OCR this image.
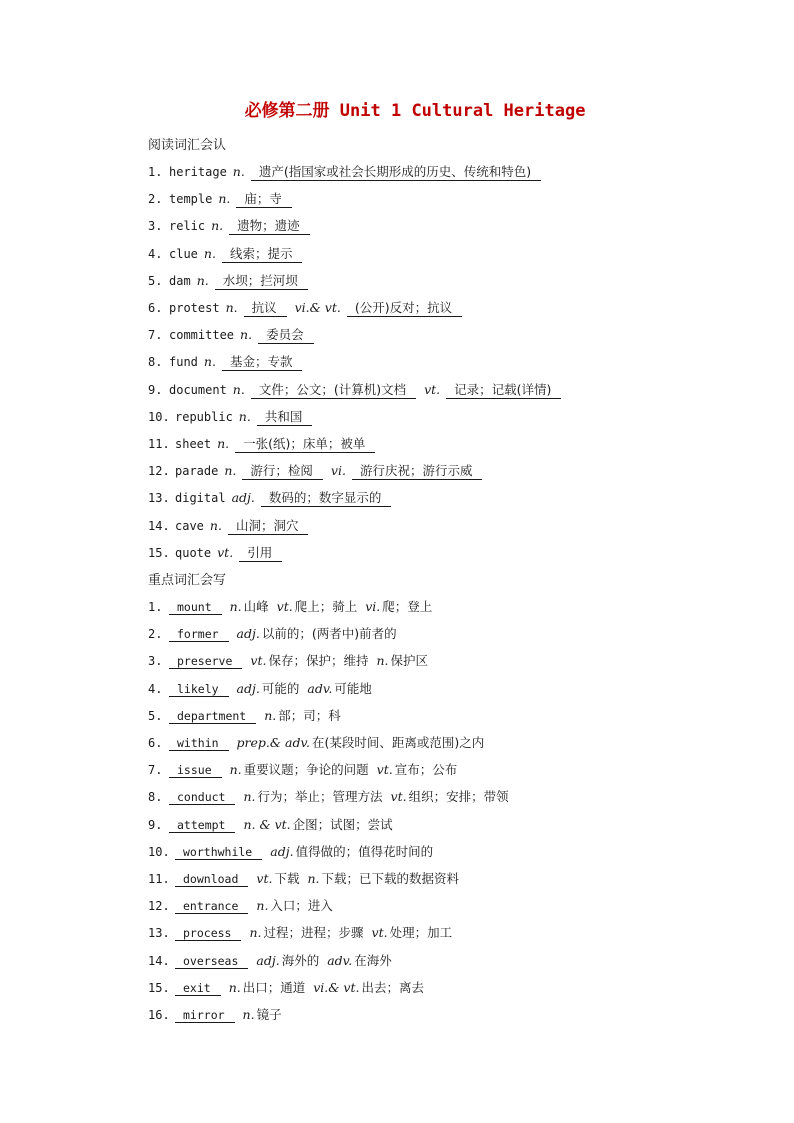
必修第二册 Unit 1 Cultural Heritage
阅读词汇会认
1. heritage n.	遗产(指国家或社会长期形成的历史、传统和特色)
2. temple n.	庙；寺
3. relic n.	遗物；遗迹
4. clue n.	线索；提示
5. dam n.	水坝；拦河坝
6. protest n.	抗议	vi.& vt.	(公开)反对；抗议
7. committee n.	委员会
8. fund n.	基金；专款
9. document n.	文件；公文；(计算机)文档	vt.	记录；记载(详情)
10. republic n.	共和国
11. sheet n.	一张(纸)；床单；被单
12. parade n.	游行；检阅	vi.	游行庆祝；游行示威
13. digital adj.	数码的；数字显示的
14. cave n.	山洞；洞穴
15. quote vt.	引用
重点词汇会写
1.	mount	n. 山峰 vt. 爬上；骑上 vi. 爬；登上
2.	former	adj. 以前的；(两者中)前者的
3.	preserve	vt. 保存；保护；维持 n. 保护区
4.	likely	adj. 可能的 adv. 可能地
5.	department	n. 部；司；科
6.	within	prep.& adv. 在(某段时间、距离或范围)之内
7.	issue	n. 重要议题；争论的问题 vt. 宣布；公布
8.	conduct	n. 行为；举止；管理方法 vt. 组织；安排；带领
9.	attempt	n. & vt. 企图；试图；尝试
10.	worthwhile	adj. 值得做的；值得花时间的
11.	download	vt. 下载 n. 下载；已下载的数据资料
12.	entrance	n. 入口；进入
13.	process	n. 过程；进程；步骤 vt. 处理；加工
14.	overseas	adj. 海外的 adv. 在海外
15.	exit	n. 出口；通道 vi.& vt. 出去；离去
16.	mirror	n. 镜子
